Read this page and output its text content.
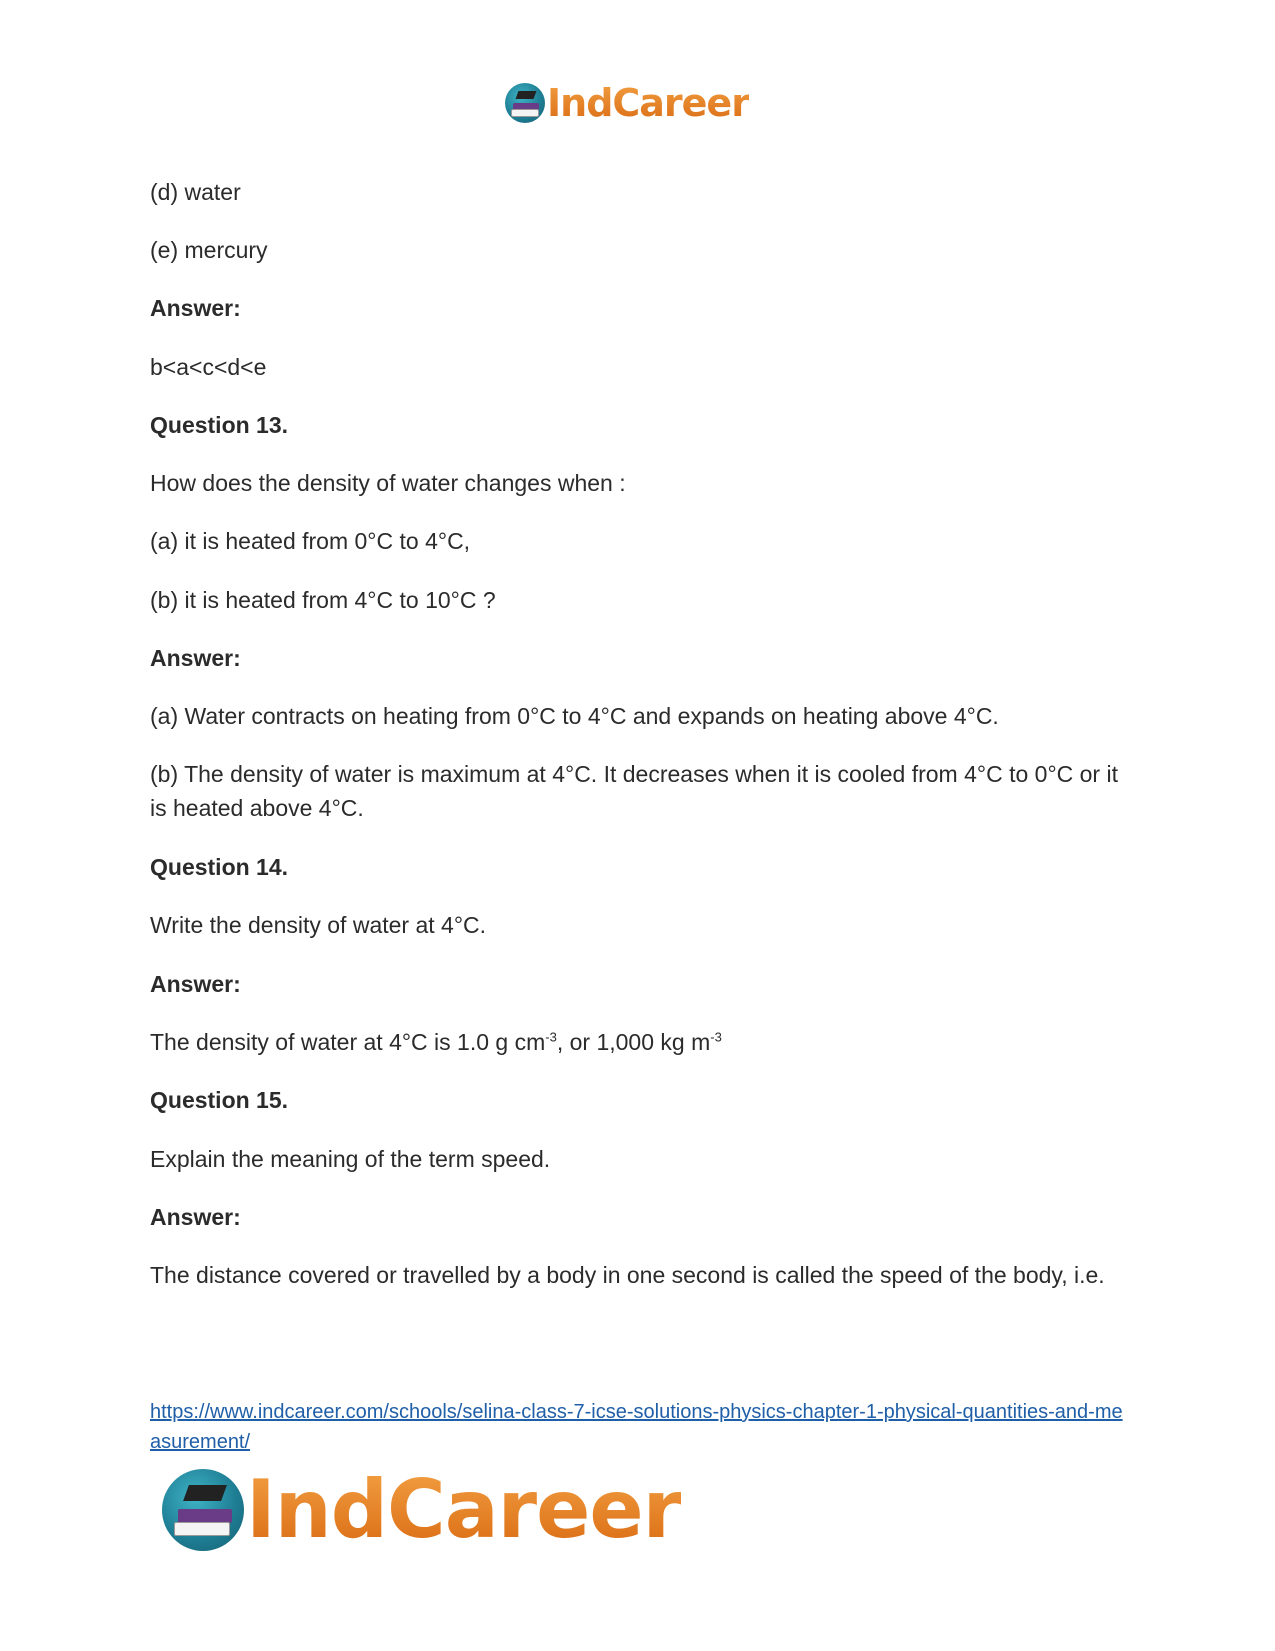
IndCareer

(d) water

(e) mercury

Answer:

b<a<c<d<e

Question 13.

How does the density of water changes when :

(a) it is heated from 0°C to 4°C,

(b) it is heated from 4°C to 10°C ?

Answer:

(a) Water contracts on heating from 0°C to 4°C and expands on heating above 4°C.

(b) The density of water is maximum at 4°C. It decreases when it is cooled from 4°C to 0°C or it is heated above 4°C.

Question 14.

Write the density of water at 4°C.

Answer:

The density of water at 4°C is 1.0 g $cm^{-3}$, or 1,000 kg $m^{-3}$

Question 15.

Explain the meaning of the term speed.

Answer:

The distance covered or travelled by a body in one second is called the speed of the body, i.e.

https://www.indcareer.com/schools/selina-class-7-icse-solutions-physics-chapter-1-physical-quantities-and-measurement/
IndCareer
